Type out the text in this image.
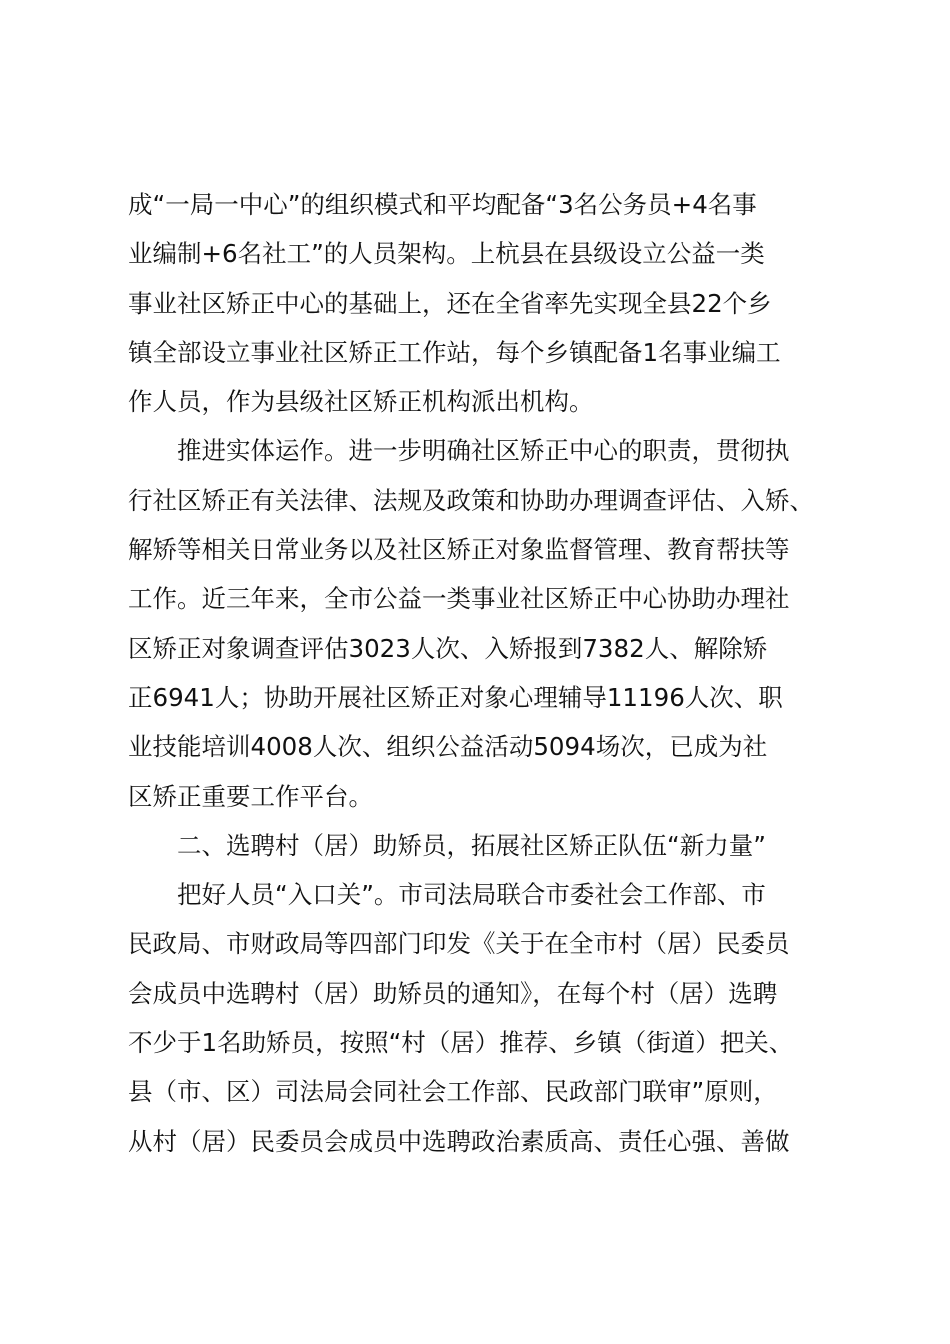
成“一局一中心”的组织模式和平均配备“3名公务员+4名事
业编制+6名社工”的人员架构。上杭县在县级设立公益一类
事业社区矫正中心的基础上，还在全省率先实现全县22个乡
镇全部设立事业社区矫正工作站，每个乡镇配备1名事业编工
作人员，作为县级社区矫正机构派出机构。

推进实体运作。进一步明确社区矫正中心的职责，贯彻执
行社区矫正有关法律、法规及政策和协助办理调查评估、入矫、
解矫等相关日常业务以及社区矫正对象监督管理、教育帮扶等
工作。近三年来，全市公益一类事业社区矫正中心协助办理社
区矫正对象调查评估3023人次、入矫报到7382人、解除矫
正6941人；协助开展社区矫正对象心理辅导11196人次、职
业技能培训4008人次、组织公益活动5094场次，已成为社
区矫正重要工作平台。

二、选聘村（居）助矫员，拓展社区矫正队伍“新力量”

把好人员“入口关”。市司法局联合市委社会工作部、市
民政局、市财政局等四部门印发《关于在全市村（居）民委员
会成员中选聘村（居）助矫员的通知》，在每个村（居）选聘
不少于1名助矫员，按照“村（居）推荐、乡镇（街道）把关、
县（市、区）司法局会同社会工作部、民政部门联审”原则，
从村（居）民委员会成员中选聘政治素质高、责任心强、善做
